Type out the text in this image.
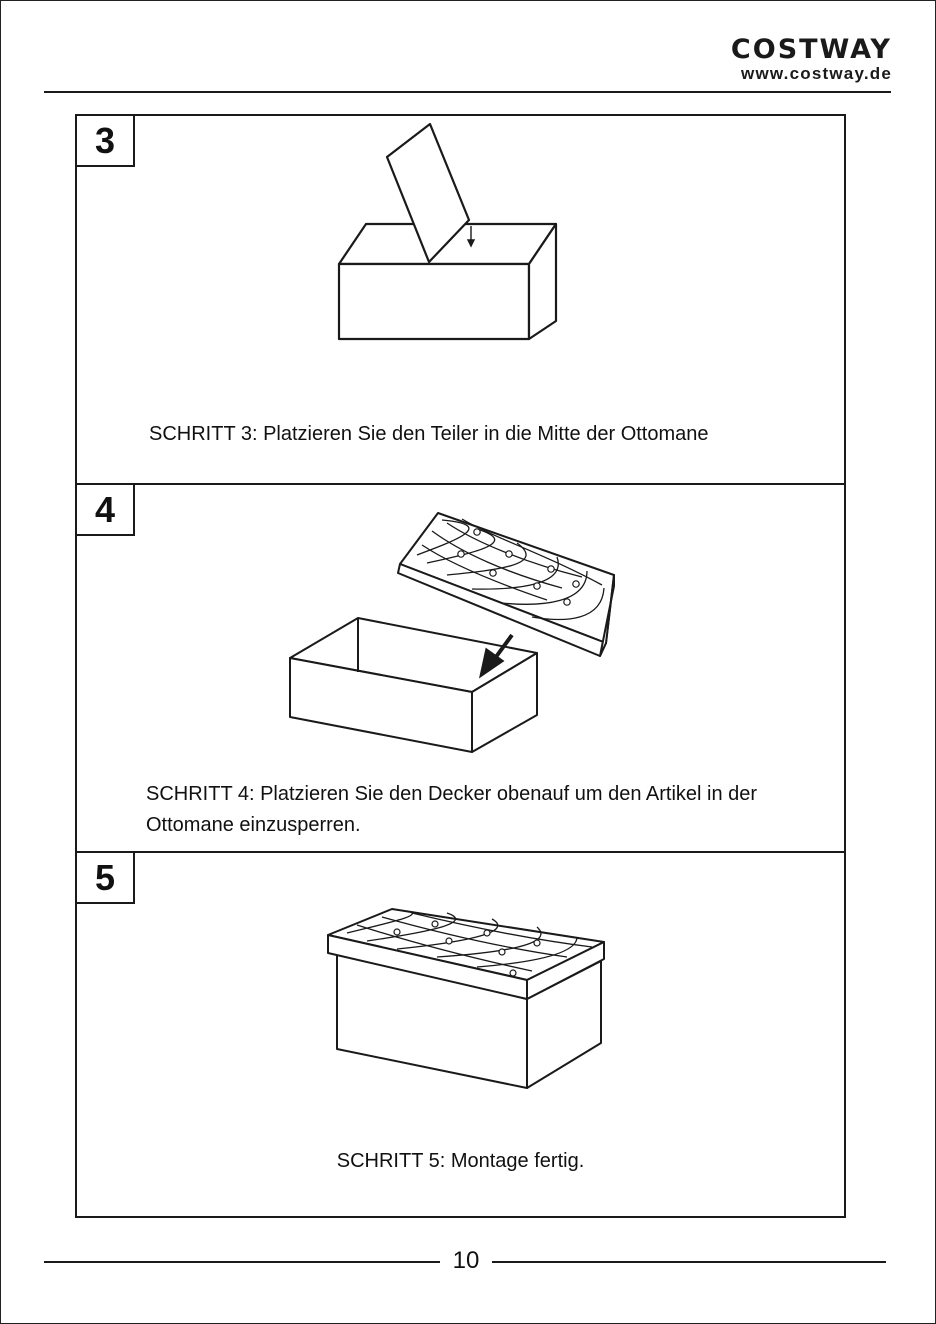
COSTWAY
www.costway.de
3
SCHRITT 3: Platzieren Sie den Teiler in die Mitte der Ottomane
4
SCHRITT 4: Platzieren Sie den Decker obenauf um den Artikel in der Ottomane einzusperren.
5
SCHRITT 5: Montage fertig.
10
